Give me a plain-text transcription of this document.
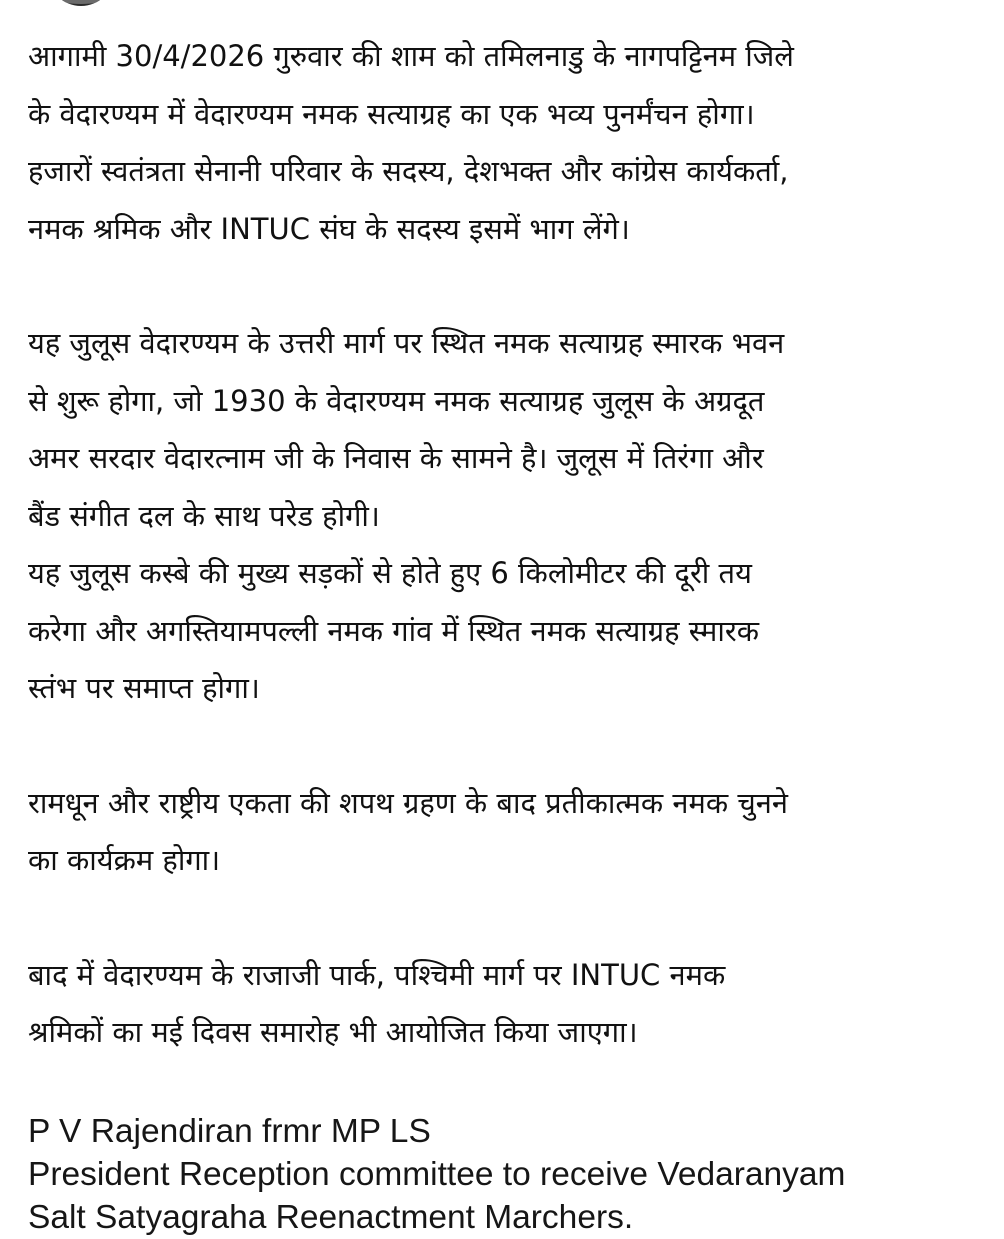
आगामी 30/4/2026 गुरुवार की शाम को तमिलनाडु के नागपट्टिनम जिले
के वेदारण्यम में वेदारण्यम नमक सत्याग्रह का एक भव्य पुनर्मंचन होगा।
हजारों स्वतंत्रता सेनानी परिवार के सदस्य, देशभक्त और कांग्रेस कार्यकर्ता,
नमक श्रमिक और INTUC संघ के सदस्य इसमें भाग लेंगे।

यह जुलूस वेदारण्यम के उत्तरी मार्ग पर स्थित नमक सत्याग्रह स्मारक भवन
से शुरू होगा, जो 1930 के वेदारण्यम नमक सत्याग्रह जुलूस के अग्रदूत
अमर सरदार वेदारत्नाम जी के निवास के सामने है। जुलूस में तिरंगा और
बैंड संगीत दल के साथ परेड होगी।
यह जुलूस कस्बे की मुख्य सड़कों से होते हुए 6 किलोमीटर की दूरी तय
करेगा और अगस्तियामपल्ली नमक गांव में स्थित नमक सत्याग्रह स्मारक
स्तंभ पर समाप्त होगा।

रामधून और राष्ट्रीय एकता की शपथ ग्रहण के बाद प्रतीकात्मक नमक चुनने
का कार्यक्रम होगा।

बाद में वेदारण्यम के राजाजी पार्क, पश्चिमी मार्ग पर INTUC नमक
श्रमिकों का मई दिवस समारोह भी आयोजित किया जाएगा।

P V Rajendiran frmr MP LS
President Reception committee to receive Vedaranyam
Salt Satyagraha Reenactment Marchers.
